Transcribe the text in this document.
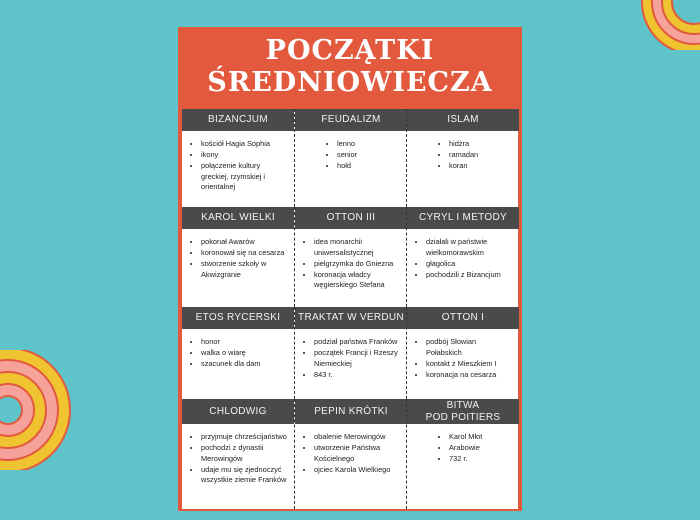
POCZĄTKI
ŚREDNIOWIECZA
BIZANCJUM
• kościół Hagia Sophia
• ikony
• połączenie kultury greckiej, rzymskiej i orientalnej
FEUDALIZM
• lenno
• senior
• hołd
ISLAM
• hidżra
• ramadan
• koran
KAROL WIELKI
• pokonał Awarów
• koronował się na cesarza
• stworzenie szkoły w Akwizgranie
OTTON III
• idea monarchii uniwersalistycznej
• pielgrzymka do Gniezna
• koronacja władcy węgierskiego Stefana
CYRYL I METODY
• działali w państwie wielkomorawskim
• głagolica
• pochodzili z Bizancjum
ETOS RYCERSKI
• honor
• walka o wiarę
• szacunek dla dam
TRAKTAT W VERDUN
• podział państwa Franków
• początek Francji i Rzeszy Niemieckiej
• 843 r.
OTTON I
• podbój Słowian Połabskich
• kontakt z Mieszkiem I
• koronacja na cesarza
CHLODWIG
• przyjmuje chrześcijaństwo
• pochodzi z dynastii Merowingów
• udaje mu się zjednoczyć wszystkie ziemie Franków
PEPIN KRÓTKI
• obalenie Merowingów
• utworzenie Państwa Kościelnego
• ojciec Karola Wielkiego
BITWA
POD POITIERS
• Karol Młot
• Arabowie
• 732 r.
